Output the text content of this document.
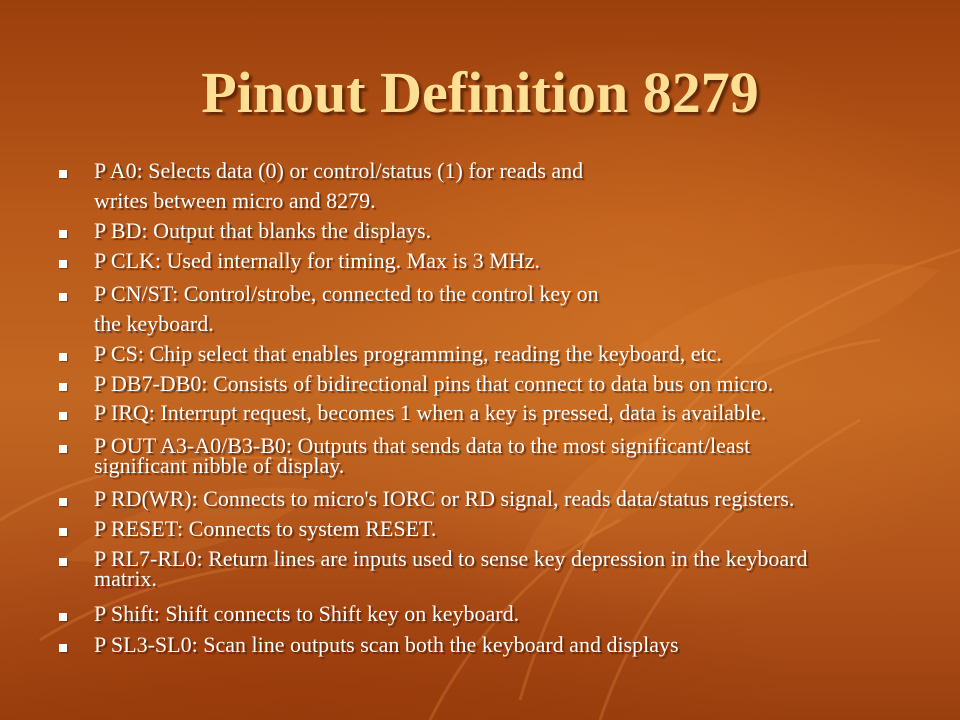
Pinout Definition 8279
P A0: Selects data (0) or control/status (1) for reads and
writes between micro and 8279.
P BD: Output that blanks the displays.
P CLK: Used internally for timing. Max is 3 MHz.
P CN/ST: Control/strobe, connected to the control key on
the keyboard.
P CS: Chip select that enables programming, reading the keyboard, etc.
P DB7-DB0: Consists of bidirectional pins that connect to data bus on micro.
P IRQ: Interrupt request, becomes 1 when a key is pressed, data is available.
P OUT A3-A0/B3-B0: Outputs that sends data to the most significant/least
significant nibble of display.
P RD(WR): Connects to micro's IORC or RD signal, reads data/status registers.
P RESET: Connects to system RESET.
P RL7-RL0: Return lines are inputs used to sense key depression in the keyboard
matrix.
P Shift: Shift connects to Shift key on keyboard.
P SL3-SL0: Scan line outputs scan both the keyboard and displays
